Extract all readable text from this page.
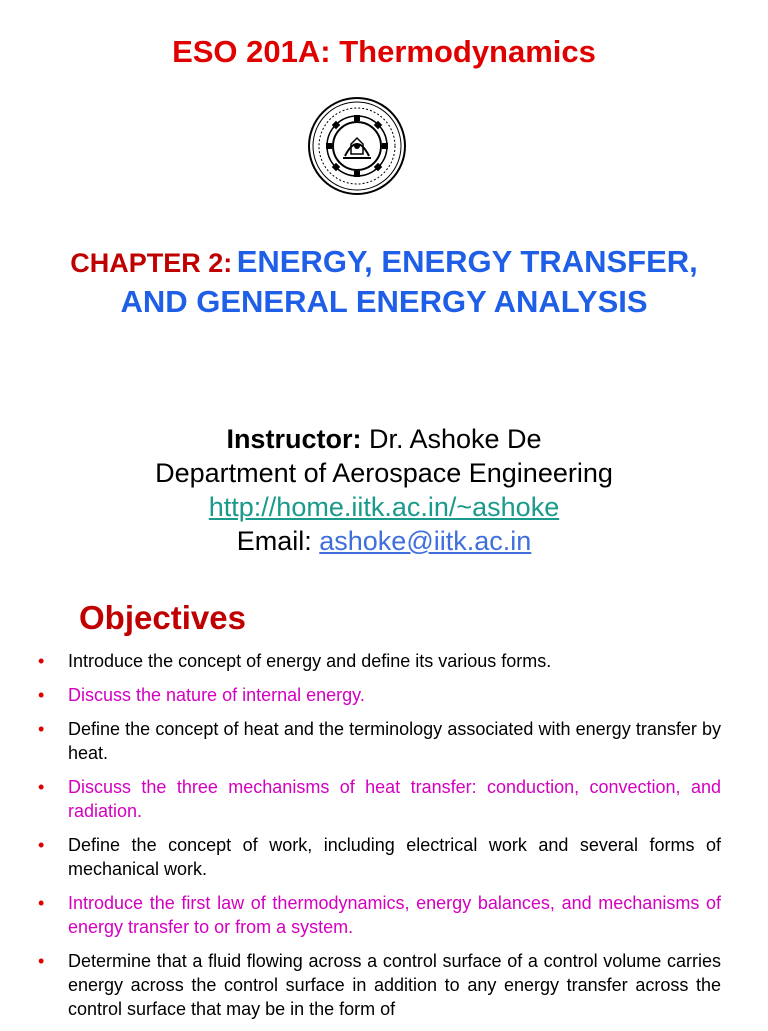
ESO 201A: Thermodynamics
CHAPTER 2: ENERGY, ENERGY TRANSFER,
AND GENERAL ENERGY ANALYSIS
Instructor: Dr. Ashoke De
Department of Aerospace Engineering
http://home.iitk.ac.in/~ashoke
Email: ashoke@iitk.ac.in
Objectives
• Introduce the concept of energy and define its various forms.
• Discuss the nature of internal energy.
• Define the concept of heat and the terminology associated with energy transfer by heat.
• Discuss the three mechanisms of heat transfer: conduction, convection, and radiation.
• Define the concept of work, including electrical work and several forms of mechanical work.
• Introduce the first law of thermodynamics, energy balances, and mechanisms of energy transfer to or from a system.
• Determine that a fluid flowing across a control surface of a control volume carries energy across the control surface in addition to any energy transfer across the control surface that may be in the form of
